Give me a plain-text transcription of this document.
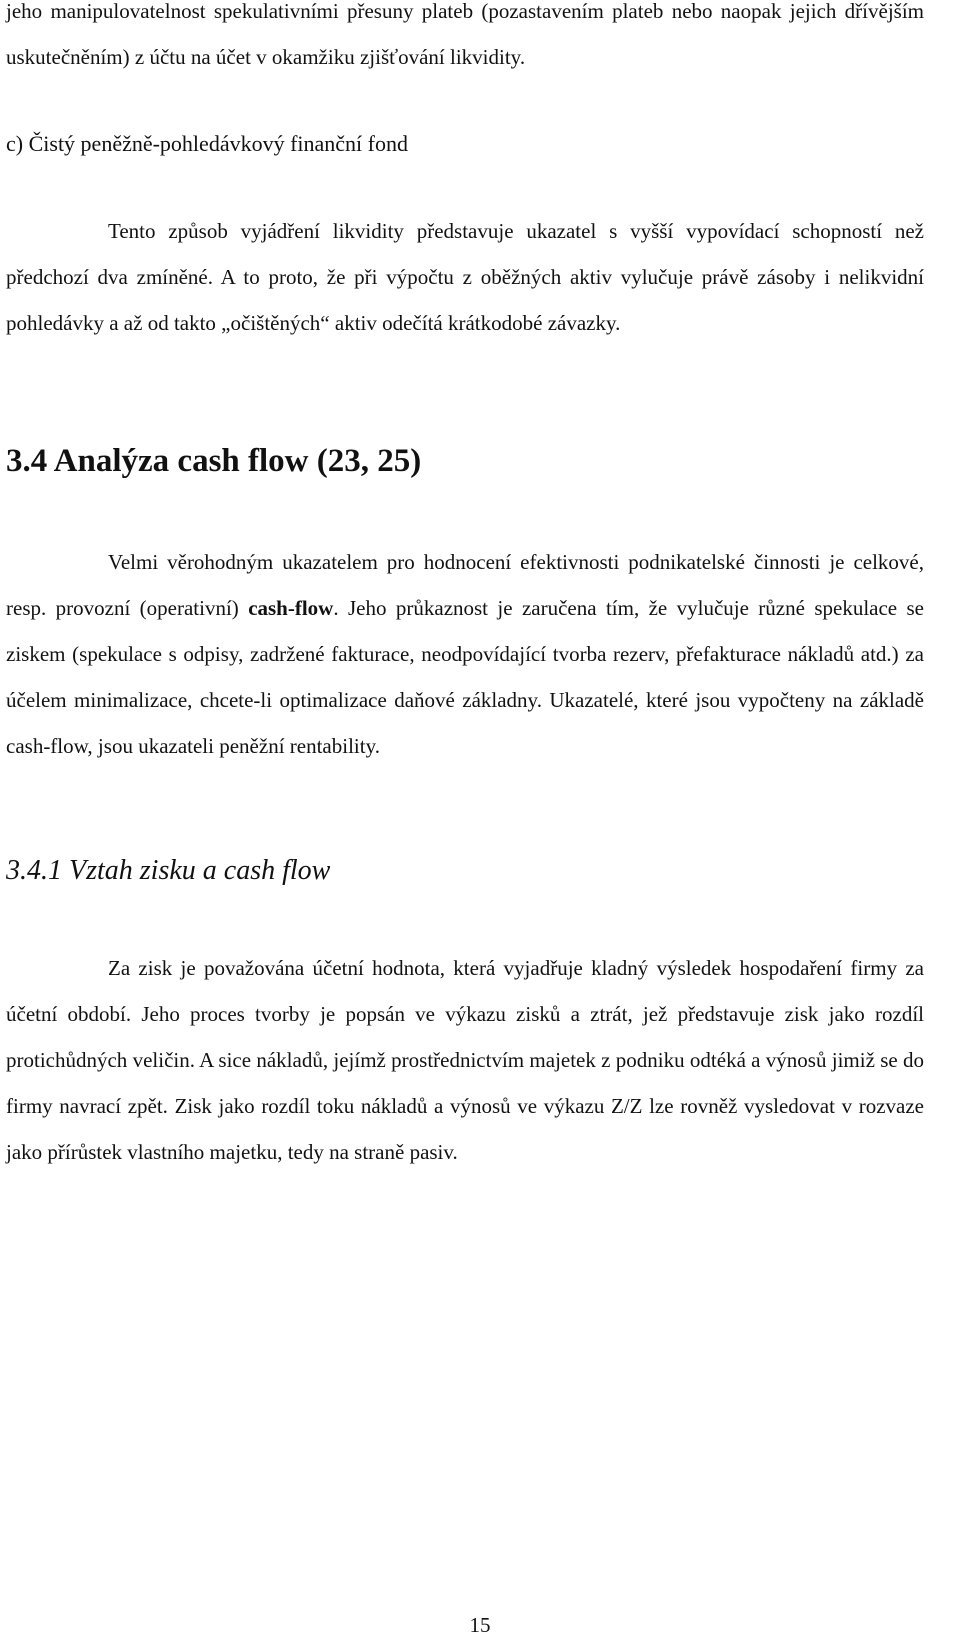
jeho manipulovatelnost spekulativními přesuny plateb (pozastavením plateb nebo naopak jejich dřívějším uskutečněním) z účtu na účet v okamžiku zjišťování likvidity.

c) Čistý peněžně-pohledávkový finanční fond

Tento způsob vyjádření likvidity představuje ukazatel s vyšší vypovídací schopností než předchozí dva zmíněné. A to proto, že při výpočtu z oběžných aktiv vylučuje právě zásoby i nelikvidní pohledávky a až od takto „očištěných“ aktiv odečítá krátkodobé závazky.

3.4 Analýza cash flow (23, 25)

Velmi věrohodným ukazatelem pro hodnocení efektivnosti podnikatelské činnosti je celkové, resp. provozní (operativní) cash-flow. Jeho průkaznost je zaručena tím, že vylučuje různé spekulace se ziskem (spekulace s odpisy, zadržené fakturace, neodpovídající tvorba rezerv, přefakturace nákladů atd.) za účelem minimalizace, chcete-li optimalizace daňové základny. Ukazatelé, které jsou vypočteny na základě cash-flow, jsou ukazateli peněžní rentability.

3.4.1 Vztah zisku a cash flow

Za zisk je považována účetní hodnota, která vyjadřuje kladný výsledek hospodaření firmy za účetní období. Jeho proces tvorby je popsán ve výkazu zisků a ztrát, jež představuje zisk jako rozdíl protichůdných veličin. A sice nákladů, jejímž prostřednictvím majetek z podniku odtéká a výnosů jimiž se do firmy navrací zpět. Zisk jako rozdíl toku nákladů a výnosů ve výkazu Z/Z lze rovněž vysledovat v rozvaze jako přírůstek vlastního majetku, tedy na straně pasiv.

15
